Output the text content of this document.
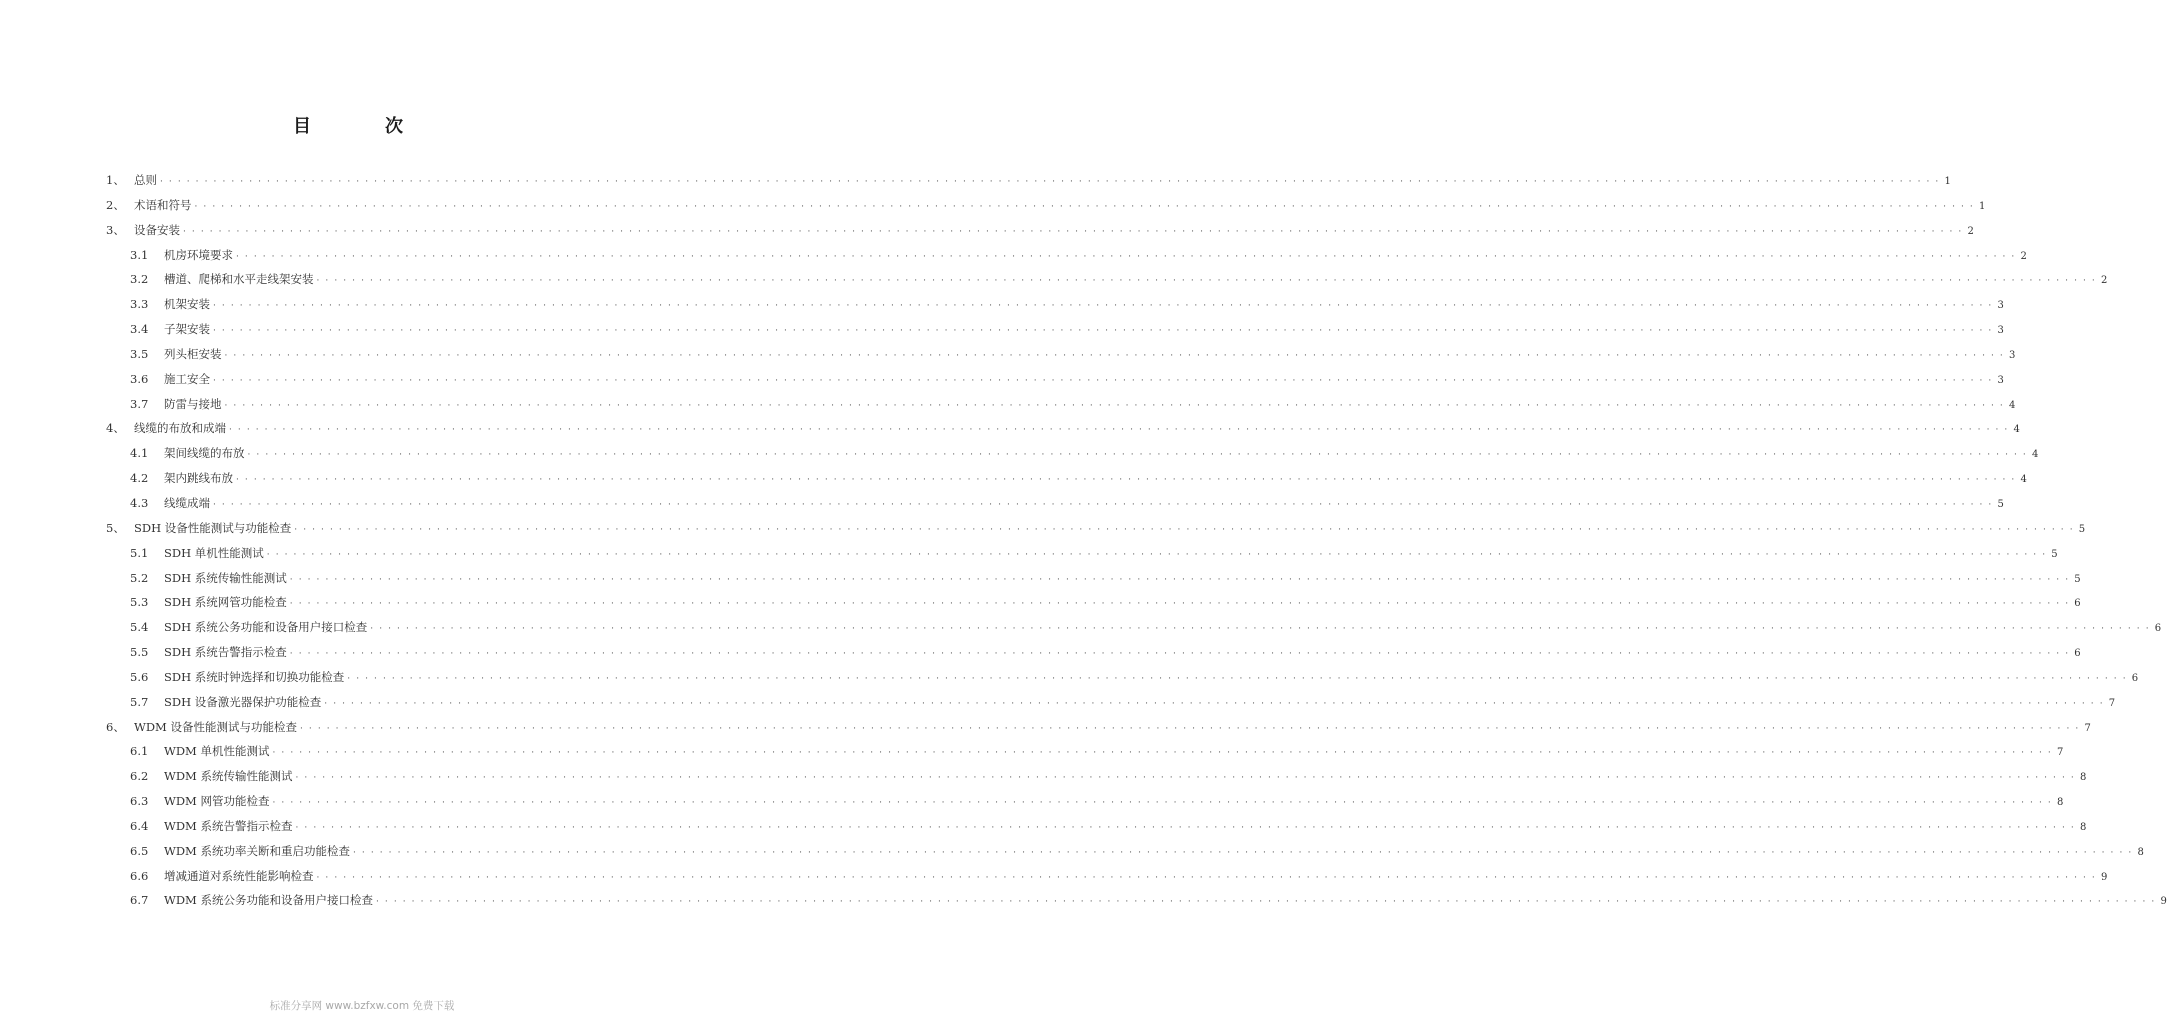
目　次
1、 总则 · · · · · · · · · · · · · · · · · · · · · · · · · · · · · · · · · · · · · · · · · · · · · · · · · · · · · · · · · · · · · · · · · · · · · · · · · · · · · · · · · · · · · · · · · · · · · · · · · · · · · · · · · · · · · · · · · · · · · · · · · · · · · · · · · · · · · · · · · · · · · · · · · · · · · · · · · · · · · · · · · · · · · · · · · · · · · · · · · · · · · · · · · · · · · · · · · · · · · · · · 1
2、 术语和符号 · · · · · · · · · · · · · · · · · · · · · · · · · · · · · · · · · · · · · · · · · · · · · · · · · · · · · · · · · · · · · · · · · · · · · · · · · · · · · · · · · · · · · · · · · · · · · · · · · · · · · · · · · · · · · · · · · · · · · · · · · · · · · · · · · · · · · · · · · · · · · · · · · · · · · · · · · · · · · · · · · · · · · · · · · · · · · · · · · · · · · · · · · · · · · · · · · · · · · · · · 1
3、 设备安装 · · · · · · · · · · · · · · · · · · · · · · · · · · · · · · · · · · · · · · · · · · · · · · · · · · · · · · · · · · · · · · · · · · · · · · · · · · · · · · · · · · · · · · · · · · · · · · · · · · · · · · · · · · · · · · · · · · · · · · · · · · · · · · · · · · · · · · · · · · · · · · · · · · · · · · · · · · · · · · · · · · · · · · · · · · · · · · · · · · · · · · · · · · · · · · · · · · · · · · · · 2
3.1	机房环境要求 · · · · · · · · · · · · · · · · · · · · · · · · · · · · · · · · · · · · · · · · · · · · · · · · · · · · · · · · · · · · · · · · · · · · · · · · · · · · · · · · · · · · · · · · · · · · · · · · · · · · · · · · · · · · · · · · · · · · · · · · · · · · · · · · · · · · · · · · · · · · · · · · · · · · · · · · · · · · · · · · · · · · · · · · · · · · · · · · · · · · · · · · · · · · · · · · · · · · · · · · 2
3.2	槽道、爬梯和水平走线架安装 · · · · · · · · · · · · · · · · · · · · · · · · · · · · · · · · · · · · · · · · · · · · · · · · · · · · · · · · · · · · · · · · · · · · · · · · · · · · · · · · · · · · · · · · · · · · · · · · · · · · · · · · · · · · · · · · · · · · · · · · · · · · · · · · · · · · · · · · · · · · · · · · · · · · · · · · · · · · · · · · · · · · · · · · · · · · · · · · · · · · · · · · · · · · · · · · · · · · · · · · 2
3.3	机架安装 · · · · · · · · · · · · · · · · · · · · · · · · · · · · · · · · · · · · · · · · · · · · · · · · · · · · · · · · · · · · · · · · · · · · · · · · · · · · · · · · · · · · · · · · · · · · · · · · · · · · · · · · · · · · · · · · · · · · · · · · · · · · · · · · · · · · · · · · · · · · · · · · · · · · · · · · · · · · · · · · · · · · · · · · · · · · · · · · · · · · · · · · · · · · · · · · · · · · · · · · 3
3.4	子架安装 · · · · · · · · · · · · · · · · · · · · · · · · · · · · · · · · · · · · · · · · · · · · · · · · · · · · · · · · · · · · · · · · · · · · · · · · · · · · · · · · · · · · · · · · · · · · · · · · · · · · · · · · · · · · · · · · · · · · · · · · · · · · · · · · · · · · · · · · · · · · · · · · · · · · · · · · · · · · · · · · · · · · · · · · · · · · · · · · · · · · · · · · · · · · · · · · · · · · · · · · 3
3.5	列头柜安装 · · · · · · · · · · · · · · · · · · · · · · · · · · · · · · · · · · · · · · · · · · · · · · · · · · · · · · · · · · · · · · · · · · · · · · · · · · · · · · · · · · · · · · · · · · · · · · · · · · · · · · · · · · · · · · · · · · · · · · · · · · · · · · · · · · · · · · · · · · · · · · · · · · · · · · · · · · · · · · · · · · · · · · · · · · · · · · · · · · · · · · · · · · · · · · · · · · · · · · · · 3
3.6	施工安全 · · · · · · · · · · · · · · · · · · · · · · · · · · · · · · · · · · · · · · · · · · · · · · · · · · · · · · · · · · · · · · · · · · · · · · · · · · · · · · · · · · · · · · · · · · · · · · · · · · · · · · · · · · · · · · · · · · · · · · · · · · · · · · · · · · · · · · · · · · · · · · · · · · · · · · · · · · · · · · · · · · · · · · · · · · · · · · · · · · · · · · · · · · · · · · · · · · · · · · · · 3
3.7	防雷与接地 · · · · · · · · · · · · · · · · · · · · · · · · · · · · · · · · · · · · · · · · · · · · · · · · · · · · · · · · · · · · · · · · · · · · · · · · · · · · · · · · · · · · · · · · · · · · · · · · · · · · · · · · · · · · · · · · · · · · · · · · · · · · · · · · · · · · · · · · · · · · · · · · · · · · · · · · · · · · · · · · · · · · · · · · · · · · · · · · · · · · · · · · · · · · · · · · · · · · · · · · 4
4、 线缆的布放和成端 · · · · · · · · · · · · · · · · · · · · · · · · · · · · · · · · · · · · · · · · · · · · · · · · · · · · · · · · · · · · · · · · · · · · · · · · · · · · · · · · · · · · · · · · · · · · · · · · · · · · · · · · · · · · · · · · · · · · · · · · · · · · · · · · · · · · · · · · · · · · · · · · · · · · · · · · · · · · · · · · · · · · · · · · · · · · · · · · · · · · · · · · · · · · · · · · · · · · · · · · 4
4.1	架间线缆的布放 · · · · · · · · · · · · · · · · · · · · · · · · · · · · · · · · · · · · · · · · · · · · · · · · · · · · · · · · · · · · · · · · · · · · · · · · · · · · · · · · · · · · · · · · · · · · · · · · · · · · · · · · · · · · · · · · · · · · · · · · · · · · · · · · · · · · · · · · · · · · · · · · · · · · · · · · · · · · · · · · · · · · · · · · · · · · · · · · · · · · · · · · · · · · · · · · · · · · · · · · 4
4.2	架内跳线布放 · · · · · · · · · · · · · · · · · · · · · · · · · · · · · · · · · · · · · · · · · · · · · · · · · · · · · · · · · · · · · · · · · · · · · · · · · · · · · · · · · · · · · · · · · · · · · · · · · · · · · · · · · · · · · · · · · · · · · · · · · · · · · · · · · · · · · · · · · · · · · · · · · · · · · · · · · · · · · · · · · · · · · · · · · · · · · · · · · · · · · · · · · · · · · · · · · · · · · · · · 4
4.3	线缆成端 · · · · · · · · · · · · · · · · · · · · · · · · · · · · · · · · · · · · · · · · · · · · · · · · · · · · · · · · · · · · · · · · · · · · · · · · · · · · · · · · · · · · · · · · · · · · · · · · · · · · · · · · · · · · · · · · · · · · · · · · · · · · · · · · · · · · · · · · · · · · · · · · · · · · · · · · · · · · · · · · · · · · · · · · · · · · · · · · · · · · · · · · · · · · · · · · · · · · · · · · 5
5、 SDH 设备性能测试与功能检查 · · · · · · · · · · · · · · · · · · · · · · · · · · · · · · · · · · · · · · · · · · · · · · · · · · · · · · · · · · · · · · · · · · · · · · · · · · · · · · · · · · · · · · · · · · · · · · · · · · · · · · · · · · · · · · · · · · · · · · · · · · · · · · · · · · · · · · · · · · · · · · · · · · · · · · · · · · · · · · · · · · · · · · · · · · · · · · · · · · · · · · · · · · · · · · · · · · · · · · · · 5
5.1	SDH 单机性能测试 · · · · · · · · · · · · · · · · · · · · · · · · · · · · · · · · · · · · · · · · · · · · · · · · · · · · · · · · · · · · · · · · · · · · · · · · · · · · · · · · · · · · · · · · · · · · · · · · · · · · · · · · · · · · · · · · · · · · · · · · · · · · · · · · · · · · · · · · · · · · · · · · · · · · · · · · · · · · · · · · · · · · · · · · · · · · · · · · · · · · · · · · · · · · · · · · · · · · · · · · 5
5.2	SDH 系统传输性能测试 · · · · · · · · · · · · · · · · · · · · · · · · · · · · · · · · · · · · · · · · · · · · · · · · · · · · · · · · · · · · · · · · · · · · · · · · · · · · · · · · · · · · · · · · · · · · · · · · · · · · · · · · · · · · · · · · · · · · · · · · · · · · · · · · · · · · · · · · · · · · · · · · · · · · · · · · · · · · · · · · · · · · · · · · · · · · · · · · · · · · · · · · · · · · · · · · · · · · · · · · 5
5.3	SDH 系统网管功能检查 · · · · · · · · · · · · · · · · · · · · · · · · · · · · · · · · · · · · · · · · · · · · · · · · · · · · · · · · · · · · · · · · · · · · · · · · · · · · · · · · · · · · · · · · · · · · · · · · · · · · · · · · · · · · · · · · · · · · · · · · · · · · · · · · · · · · · · · · · · · · · · · · · · · · · · · · · · · · · · · · · · · · · · · · · · · · · · · · · · · · · · · · · · · · · · · · · · · · · · · · 6
5.4	SDH 系统公务功能和设备用户接口检查 · · · · · · · · · · · · · · · · · · · · · · · · · · · · · · · · · · · · · · · · · · · · · · · · · · · · · · · · · · · · · · · · · · · · · · · · · · · · · · · · · · · · · · · · · · · · · · · · · · · · · · · · · · · · · · · · · · · · · · · · · · · · · · · · · · · · · · · · · · · · · · · · · · · · · · · · · · · · · · · · · · · · · · · · · · · · · · · · · · · · · · · · · · · · · · · · · · · · · · · · 6
5.5	SDH 系统告警指示检查 · · · · · · · · · · · · · · · · · · · · · · · · · · · · · · · · · · · · · · · · · · · · · · · · · · · · · · · · · · · · · · · · · · · · · · · · · · · · · · · · · · · · · · · · · · · · · · · · · · · · · · · · · · · · · · · · · · · · · · · · · · · · · · · · · · · · · · · · · · · · · · · · · · · · · · · · · · · · · · · · · · · · · · · · · · · · · · · · · · · · · · · · · · · · · · · · · · · · · · · · 6
5.6	SDH 系统时钟选择和切换功能检查 · · · · · · · · · · · · · · · · · · · · · · · · · · · · · · · · · · · · · · · · · · · · · · · · · · · · · · · · · · · · · · · · · · · · · · · · · · · · · · · · · · · · · · · · · · · · · · · · · · · · · · · · · · · · · · · · · · · · · · · · · · · · · · · · · · · · · · · · · · · · · · · · · · · · · · · · · · · · · · · · · · · · · · · · · · · · · · · · · · · · · · · · · · · · · · · · · · · · · · · · 6
5.7	SDH 设备激光器保护功能检查 · · · · · · · · · · · · · · · · · · · · · · · · · · · · · · · · · · · · · · · · · · · · · · · · · · · · · · · · · · · · · · · · · · · · · · · · · · · · · · · · · · · · · · · · · · · · · · · · · · · · · · · · · · · · · · · · · · · · · · · · · · · · · · · · · · · · · · · · · · · · · · · · · · · · · · · · · · · · · · · · · · · · · · · · · · · · · · · · · · · · · · · · · · · · · · · · · · · · · · · · 7
6、 WDM 设备性能测试与功能检查 · · · · · · · · · · · · · · · · · · · · · · · · · · · · · · · · · · · · · · · · · · · · · · · · · · · · · · · · · · · · · · · · · · · · · · · · · · · · · · · · · · · · · · · · · · · · · · · · · · · · · · · · · · · · · · · · · · · · · · · · · · · · · · · · · · · · · · · · · · · · · · · · · · · · · · · · · · · · · · · · · · · · · · · · · · · · · · · · · · · · · · · · · · · · · · · · · · · · · · · · 7
6.1	WDM 单机性能测试 · · · · · · · · · · · · · · · · · · · · · · · · · · · · · · · · · · · · · · · · · · · · · · · · · · · · · · · · · · · · · · · · · · · · · · · · · · · · · · · · · · · · · · · · · · · · · · · · · · · · · · · · · · · · · · · · · · · · · · · · · · · · · · · · · · · · · · · · · · · · · · · · · · · · · · · · · · · · · · · · · · · · · · · · · · · · · · · · · · · · · · · · · · · · · · · · · · · · · · · · 7
6.2	WDM 系统传输性能测试 · · · · · · · · · · · · · · · · · · · · · · · · · · · · · · · · · · · · · · · · · · · · · · · · · · · · · · · · · · · · · · · · · · · · · · · · · · · · · · · · · · · · · · · · · · · · · · · · · · · · · · · · · · · · · · · · · · · · · · · · · · · · · · · · · · · · · · · · · · · · · · · · · · · · · · · · · · · · · · · · · · · · · · · · · · · · · · · · · · · · · · · · · · · · · · · · · · · · · · · · 8
6.3	WDM 网管功能检查 · · · · · · · · · · · · · · · · · · · · · · · · · · · · · · · · · · · · · · · · · · · · · · · · · · · · · · · · · · · · · · · · · · · · · · · · · · · · · · · · · · · · · · · · · · · · · · · · · · · · · · · · · · · · · · · · · · · · · · · · · · · · · · · · · · · · · · · · · · · · · · · · · · · · · · · · · · · · · · · · · · · · · · · · · · · · · · · · · · · · · · · · · · · · · · · · · · · · · · · · 8
6.4	WDM 系统告警指示检查 · · · · · · · · · · · · · · · · · · · · · · · · · · · · · · · · · · · · · · · · · · · · · · · · · · · · · · · · · · · · · · · · · · · · · · · · · · · · · · · · · · · · · · · · · · · · · · · · · · · · · · · · · · · · · · · · · · · · · · · · · · · · · · · · · · · · · · · · · · · · · · · · · · · · · · · · · · · · · · · · · · · · · · · · · · · · · · · · · · · · · · · · · · · · · · · · · · · · · · · · 8
6.5	WDM 系统功率关断和重启功能检查 · · · · · · · · · · · · · · · · · · · · · · · · · · · · · · · · · · · · · · · · · · · · · · · · · · · · · · · · · · · · · · · · · · · · · · · · · · · · · · · · · · · · · · · · · · · · · · · · · · · · · · · · · · · · · · · · · · · · · · · · · · · · · · · · · · · · · · · · · · · · · · · · · · · · · · · · · · · · · · · · · · · · · · · · · · · · · · · · · · · · · · · · · · · · · · · · · · · · · · · · 8
6.6	增减通道对系统性能影响检查 · · · · · · · · · · · · · · · · · · · · · · · · · · · · · · · · · · · · · · · · · · · · · · · · · · · · · · · · · · · · · · · · · · · · · · · · · · · · · · · · · · · · · · · · · · · · · · · · · · · · · · · · · · · · · · · · · · · · · · · · · · · · · · · · · · · · · · · · · · · · · · · · · · · · · · · · · · · · · · · · · · · · · · · · · · · · · · · · · · · · · · · · · · · · · · · · · · · · · · · · 9
6.7	WDM 系统公务功能和设备用户接口检查 · · · · · · · · · · · · · · · · · · · · · · · · · · · · · · · · · · · · · · · · · · · · · · · · · · · · · · · · · · · · · · · · · · · · · · · · · · · · · · · · · · · · · · · · · · · · · · · · · · · · · · · · · · · · · · · · · · · · · · · · · · · · · · · · · · · · · · · · · · · · · · · · · · · · · · · · · · · · · · · · · · · · · · · · · · · · · · · · · · · · · · · · · · · · · · · · · · · · · · · · 9
标准分享网 www.bzfxw.com 免费下载
